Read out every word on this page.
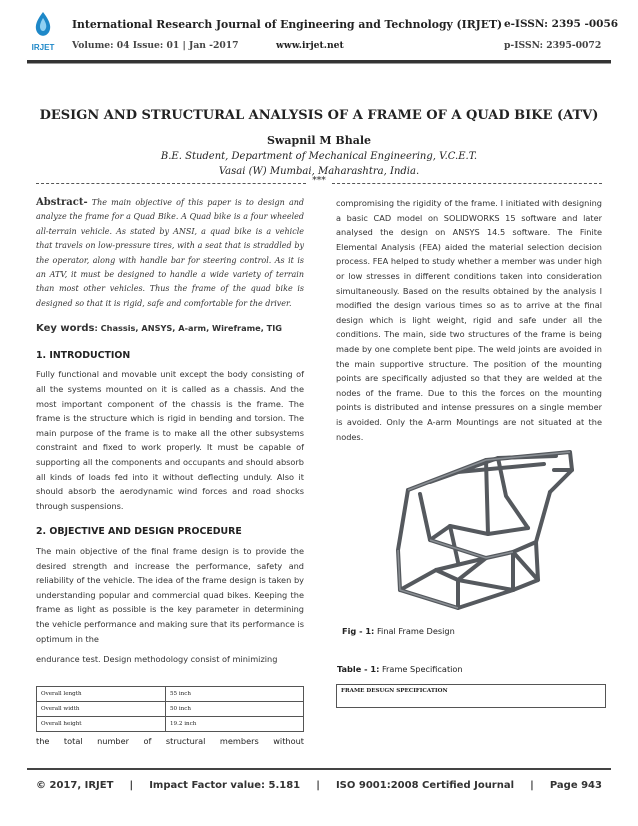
IRJET
International Research Journal of Engineering and Technology (IRJET) e-ISSN: 2395 -0056
Volume: 04 Issue: 01 | Jan -2017	www.irjet.net	p-ISSN: 2395-0072
DESIGN AND STRUCTURAL ANALYSIS OF A FRAME OF A QUAD BIKE (ATV)
Swapnil M Bhale
B.E. Student, Department of Mechanical Engineering, V.C.E.T.
Vasai (W) Mumbai, Maharashtra, India.
***

Abstract- The main objective of this paper is to design and analyze the frame for a Quad Bike. A Quad bike is a four wheeled all-terrain vehicle. As stated by ANSI, a quad bike is a vehicle that travels on low-pressure tires, with a seat that is straddled by the operator, along with handle bar for steering control. As it is an ATV, it must be designed to handle a wide variety of terrain than most other vehicles. Thus the frame of the quad bike is designed so that it is rigid, safe and comfortable for the driver.

Key words: Chassis, ANSYS, A-arm, Wireframe, TIG

1. INTRODUCTION

Fully functional and movable unit except the body consisting of all the systems mounted on it is called as a chassis. And the most important component of the chassis is the frame. The frame is the structure which is rigid in bending and torsion. The main purpose of the frame is to make all the other subsystems constraint and fixed to work properly. It must be capable of supporting all the components and occupants and should absorb all kinds of loads fed into it without deflecting unduly. Also it should absorb the aerodynamic wind forces and road shocks through suspensions.

2. OBJECTIVE AND DESIGN PROCEDURE

The main objective of the final frame design is to provide the desired strength and increase the performance, safety and reliability of the vehicle. The idea of the frame design is taken by understanding popular and commercial quad bikes. Keeping the frame as light as possible is the key parameter in determining the vehicle performance and making sure that its performance is optimum in the

endurance test. Design methodology consist of minimizing

Overall length	55 inch
Overall width	50 inch
Overall height	19.2 inch
the total number of structural members without

compromising the rigidity of the frame. I initiated with designing a basic CAD model on SOLIDWORKS 15 software and later analysed the design on ANSYS 14.5 software. The Finite Elemental Analysis (FEA) aided the material selection decision process. FEA helped to study whether a member was under high or low stresses in different conditions taken into consideration simultaneously. Based on the results obtained by the analysis I modified the design various times so as to arrive at the final design which is light weight, rigid and safe under all the conditions. The main, side two structures of the frame is being made by one complete bent pipe. The weld joints are avoided in the main supportive structure. The position of the mounting points are specifically adjusted so that they are welded at the nodes of the frame. Due to this the forces on the mounting points is distributed and intense pressures on a single member is avoided. Only the A-arm Mountings are not situated at the nodes.

Fig - 1: Final Frame Design
Table - 1: Frame Specification
FRAME DESUGN SPECIFICATION
© 2017, IRJET | Impact Factor value: 5.181 | ISO 9001:2008 Certified Journal | Page 943
